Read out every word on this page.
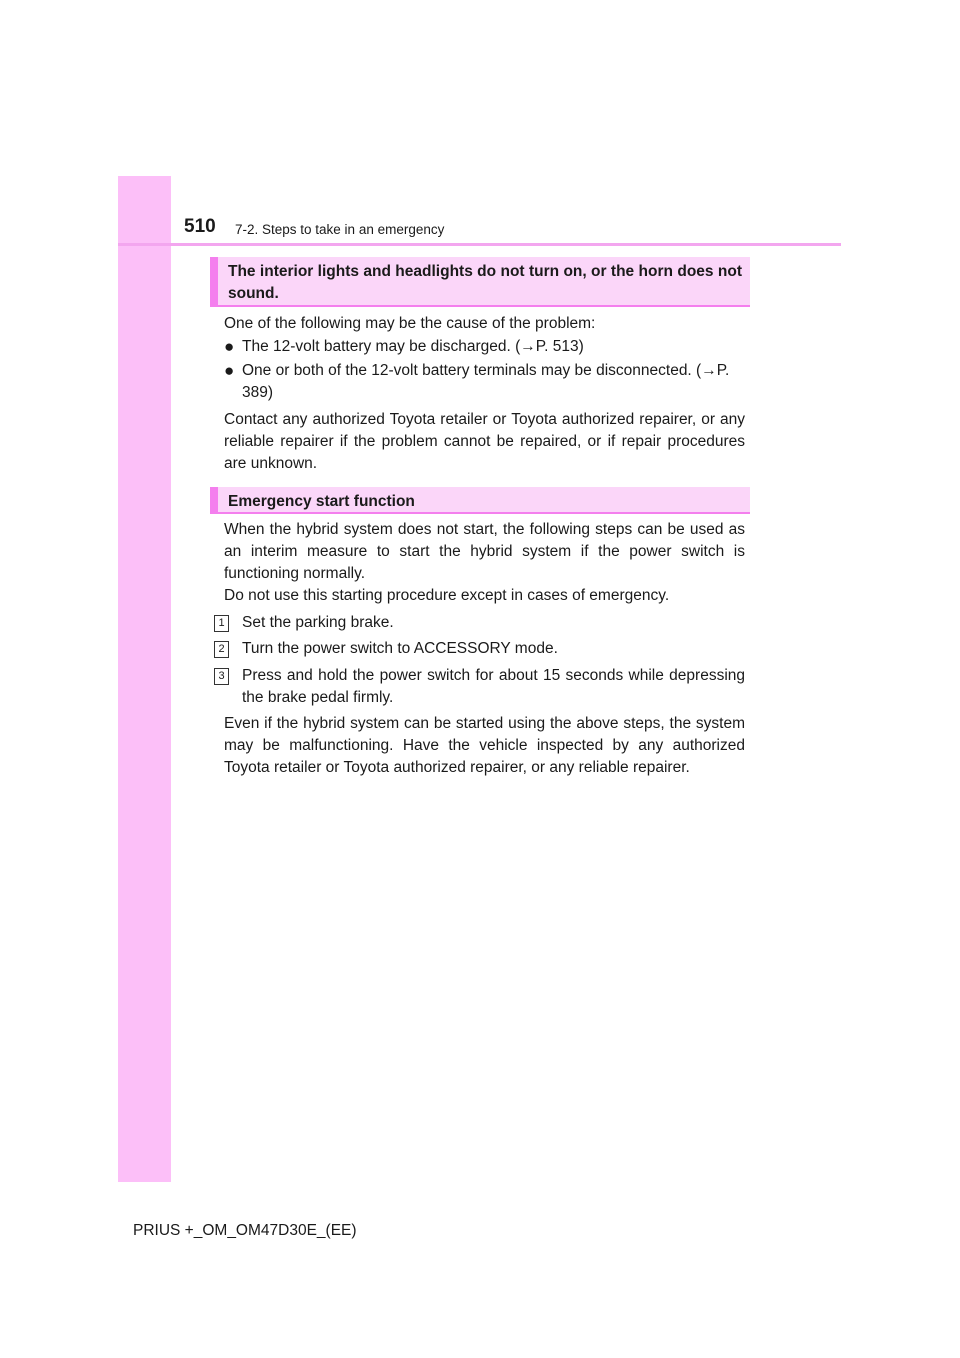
510 7-2. Steps to take in an emergency
The interior lights and headlights do not turn on, or the horn does not sound.
One of the following may be the cause of the problem:
● The 12-volt battery may be discharged. (→P. 513)
● One or both of the 12-volt battery terminals may be disconnected. (→P. 389)
Contact any authorized Toyota retailer or Toyota authorized repairer, or any reliable repairer if the problem cannot be repaired, or if repair procedures are unknown.
Emergency start function
When the hybrid system does not start, the following steps can be used as an interim measure to start the hybrid system if the power switch is functioning normally.
Do not use this starting procedure except in cases of emergency.
1 Set the parking brake.
2 Turn the power switch to ACCESSORY mode.
3 Press and hold the power switch for about 15 seconds while depressing the brake pedal firmly.
Even if the hybrid system can be started using the above steps, the system may be malfunctioning. Have the vehicle inspected by any authorized Toyota retailer or Toyota authorized repairer, or any reliable repairer.
PRIUS +_OM_OM47D30E_(EE)
